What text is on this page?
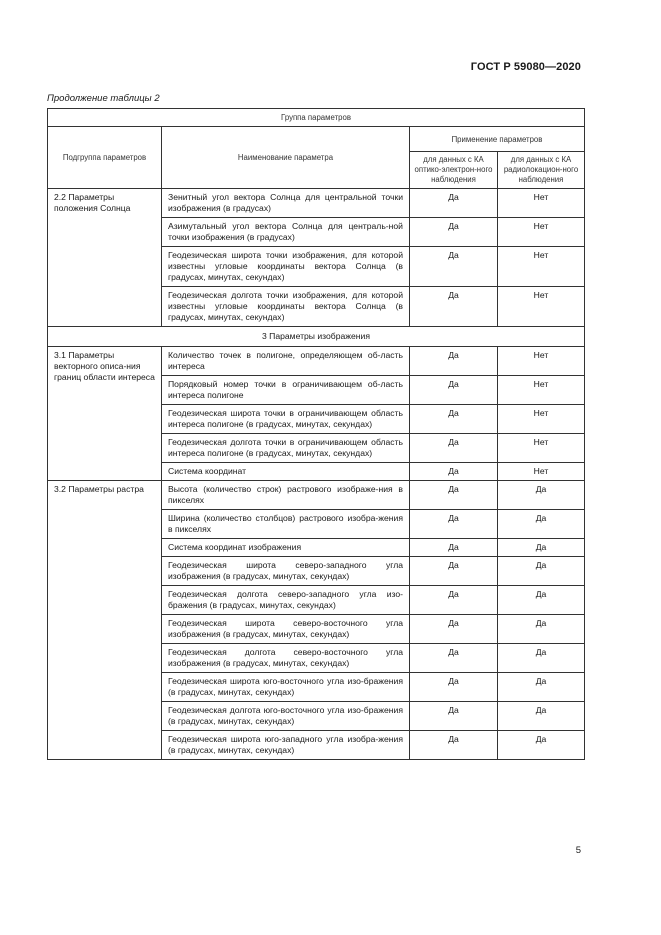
ГОСТ Р 59080—2020
Продолжение таблицы 2
Группа параметров			
Подгруппа параметров	Наименование параметра	Применение параметров	
		для данных с КА оптико-электрон-ного наблюдения	для данных с КА радиолокацион-ного наблюдения
2.2 Параметры положения Солнца	Зенитный угол вектора Солнца для центральной точки изображения (в градусах)	Да	Нет
	Азимутальный угол вектора Солнца для централь-ной точки изображения (в градусах)	Да	Нет
	Геодезическая широта точки изображения, для которой известны угловые координаты вектора Солнца (в градусах, минутах, секундах)	Да	Нет
	Геодезическая долгота точки изображения, для которой известны угловые координаты вектора Солнца (в градусах, минутах, секундах)	Да	Нет
3 Параметры изображения			
3.1 Параметры векторного описа-ния границ области интереса	Количество точек в полигоне, определяющем об-ласть интереса	Да	Нет
	Порядковый номер точки в ограничивающем об-ласть интереса полигоне	Да	Нет
	Геодезическая широта точки в ограничивающем область интереса полигоне (в градусах, минутах, секундах)	Да	Нет
	Геодезическая долгота точки в ограничивающем область интереса полигоне (в градусах, минутах, секундах)	Да	Нет
	Система координат	Да	Нет
3.2 Параметры растра	Высота (количество строк) растрового изображе-ния в пикселях	Да	Да
	Ширина (количество столбцов) растрового изобра-жения в пикселях	Да	Да
	Система координат изображения	Да	Да
	Геодезическая широта северо-западного угла изображения (в градусах, минутах, секундах)	Да	Да
	Геодезическая долгота северо-западного угла изо-бражения (в градусах, минутах, секундах)	Да	Да
	Геодезическая широта северо-восточного угла изображения (в градусах, минутах, секундах)	Да	Да
	Геодезическая долгота северо-восточного угла изображения (в градусах, минутах, секундах)	Да	Да
	Геодезическая широта юго-восточного угла изо-бражения (в градусах, минутах, секундах)	Да	Да
	Геодезическая долгота юго-восточного угла изо-бражения (в градусах, минутах, секундах)	Да	Да
	Геодезическая широта юго-западного угла изобра-жения (в градусах, минутах, секундах)	Да	Да
5
